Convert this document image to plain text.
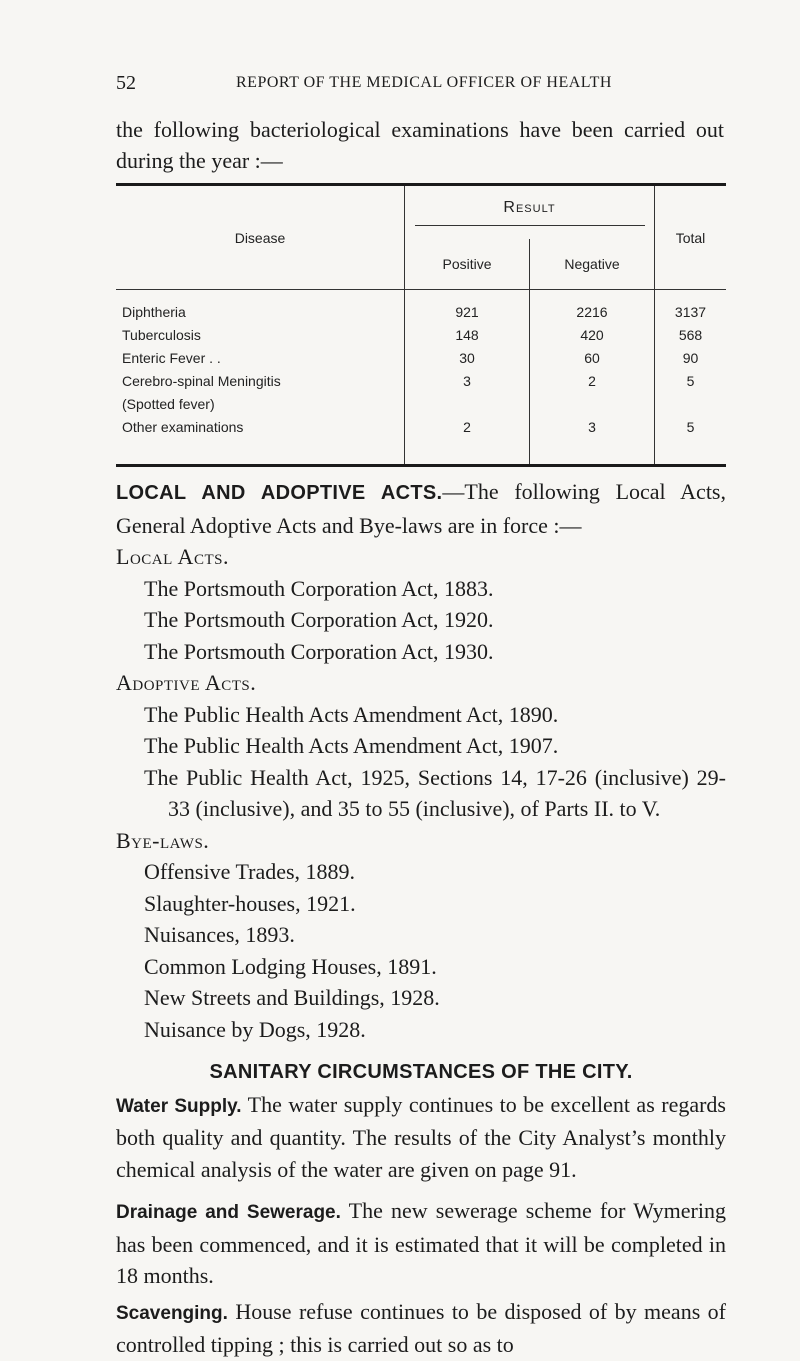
52	REPORT OF THE MEDICAL OFFICER OF HEALTH

the following bacteriological examinations have been carried out during the year :—

Disease	Result		Total
	Positive	Negative	

Diphtheria	921	2216	3137
Tuberculosis	148	420	568
Enteric Fever . .	30	60	90
Cerebro-spinal Meningitis	3	2	5
(Spotted fever)			
Other examinations	2	3	5

LOCAL AND ADOPTIVE ACTS.—The following Local Acts, General Adoptive Acts and Bye-laws are in force :—

Local Acts.

The Portsmouth Corporation Act, 1883.

The Portsmouth Corporation Act, 1920.

The Portsmouth Corporation Act, 1930.

Adoptive Acts.

The Public Health Acts Amendment Act, 1890.

The Public Health Acts Amendment Act, 1907.

The Public Health Act, 1925, Sections 14, 17-26 (inclusive) 29-33 (inclusive), and 35 to 55 (inclusive), of Parts II. to V.

Bye-laws.

Offensive Trades, 1889.

Slaughter-houses, 1921.

Nuisances, 1893.

Common Lodging Houses, 1891.

New Streets and Buildings, 1928.

Nuisance by Dogs, 1928.

SANITARY CIRCUMSTANCES OF THE CITY.

Water Supply. The water supply continues to be excellent as regards both quality and quantity. The results of the City Analyst’s monthly chemical analysis of the water are given on page 91.

Drainage and Sewerage. The new sewerage scheme for Wymering has been commenced, and it is estimated that it will be completed in 18 months.

Scavenging. House refuse continues to be disposed of by means of controlled tipping ; this is carried out so as to
